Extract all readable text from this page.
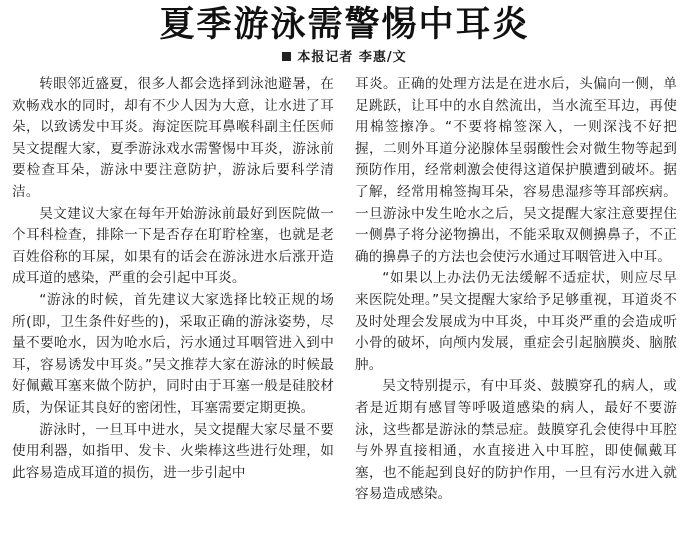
夏季游泳需警惕中耳炎
本报记者 李惠/文

转眼邻近盛夏，很多人都会选择到泳池避暑，在欢畅戏水的同时，却有不少人因为大意，让水进了耳朵，以致诱发中耳炎。海淀医院耳鼻喉科副主任医师吴文提醒大家，夏季游泳戏水需警惕中耳炎，游泳前要检查耳朵，游泳中要注意防护，游泳后要科学清洁。

吴文建议大家在每年开始游泳前最好到医院做一个耳科检查，排除一下是否存在耵聍栓塞，也就是老百姓俗称的耳屎，如果有的话会在游泳进水后涨开造成耳道的感染，严重的会引起中耳炎。

“游泳的时候，首先建议大家选择比较正规的场所(即，卫生条件好些的)，采取正确的游泳姿势，尽量不要呛水，因为呛水后，污水通过耳咽管进入到中耳，容易诱发中耳炎。”吴文推荐大家在游泳的时候最好佩戴耳塞来做个防护，同时由于耳塞一般是硅胶材质，为保证其良好的密闭性，耳塞需要定期更换。

游泳时，一旦耳中进水，吴文提醒大家尽量不要使用利器，如指甲、发卡、火柴棒这些进行处理，如此容易造成耳道的损伤，进一步引起中

耳炎。正确的处理方法是在进水后，头偏向一侧，单足跳跃，让耳中的水自然流出，当水流至耳边，再使用棉签擦净。“不要将棉签深入，一则深浅不好把握，二则外耳道分泌腺体呈弱酸性会对微生物等起到预防作用，经常刺激会使得这道保护膜遭到破坏。据了解，经常用棉签掏耳朵，容易患湿疹等耳部疾病。一旦游泳中发生呛水之后，吴文提醒大家注意要捏住一侧鼻子将分泌物擤出，不能采取双侧擤鼻子，不正确的擤鼻子的方法也会使污水通过耳咽管进入中耳。

“如果以上办法仍无法缓解不适症状，则应尽早来医院处理。”吴文提醒大家给予足够重视，耳道炎不及时处理会发展成为中耳炎，中耳炎严重的会造成听小骨的破坏，向颅内发展，重症会引起脑膜炎、脑脓肿。

吴文特别提示，有中耳炎、鼓膜穿孔的病人，或者是近期有感冒等呼吸道感染的病人，最好不要游泳，这些都是游泳的禁忌症。鼓膜穿孔会使得中耳腔与外界直接相通，水直接进入中耳腔，即使佩戴耳塞，也不能起到良好的防护作用，一旦有污水进入就容易造成感染。
